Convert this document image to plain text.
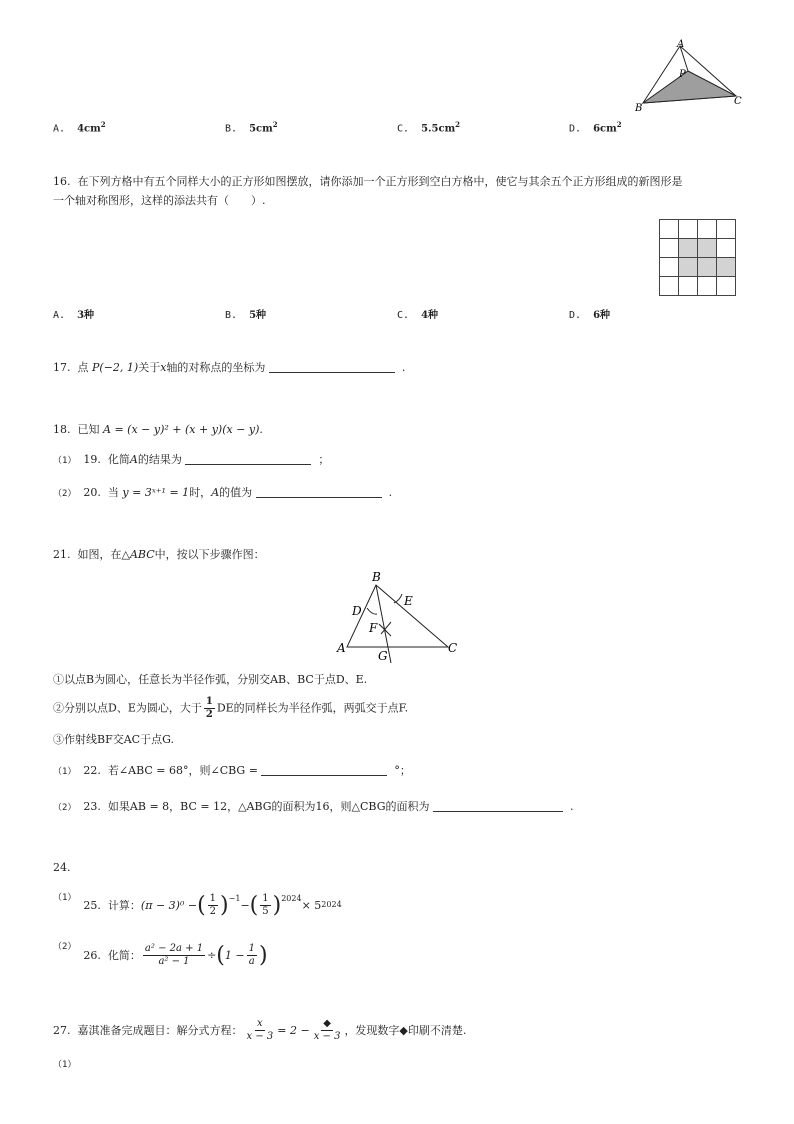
A
P
B
C
A. $4cm^2$	B. $5cm^2$	C. $5.5cm^2$	D. $6cm^2$
16. 在下列方格中有五个同样大小的正方形如图摆放，请你添加一个正方形到空白方格中，使它与其余五个正方形组成的新图形是
一个轴对称图形，这样的添法共有（　　）.

A. 3种	B. 5种	C. 4种	D. 6种
17. 点 P(−2, 1)关于x轴的对称点的坐标为	.
18. 已知 A = (x − y)² + (x + y)(x − y).
（1） 19. 化简A的结果为	；
（2） 20. 当 y = 3ˣ⁺¹ = 1时，A的值为	.
21. 如图，在△ABC中，按以下步骤作图：
B
D
E
F
A
G
C
①以点B为圆心，任意长为半径作弧，分别交AB、BC于点D、E.
②分别以点D、E为圆心，大于 $\frac{1}{2}$ DE的同样长为半径作弧，两弧交于点F.
③作射线BF交AC于点G.
（1） 22. 若∠ABC = 68°，则∠CBG =	°；
（2） 23. 如果AB = 8，BC = 12，△ABG的面积为16，则△CBG的面积为	.
24.
（1）

25.
计算： (π − 3)⁰ − ( $\frac{1}{2} )^{-1}$ − ( $\frac{1}{5} )^{2024} \times 5$ 2024
（2）

26.
化简： $\frac{\text{a² − 2a + 1}}{\text{a² − 1}}$ ÷ ( $1 - \frac{1}{a}$ )
27.
嘉淇准备完成题目：解分式方程： $\frac{x}{x - 3} = 2 - \frac{◆}{x - 3}$ ，发现数字◆印刷不清楚.
（1）
